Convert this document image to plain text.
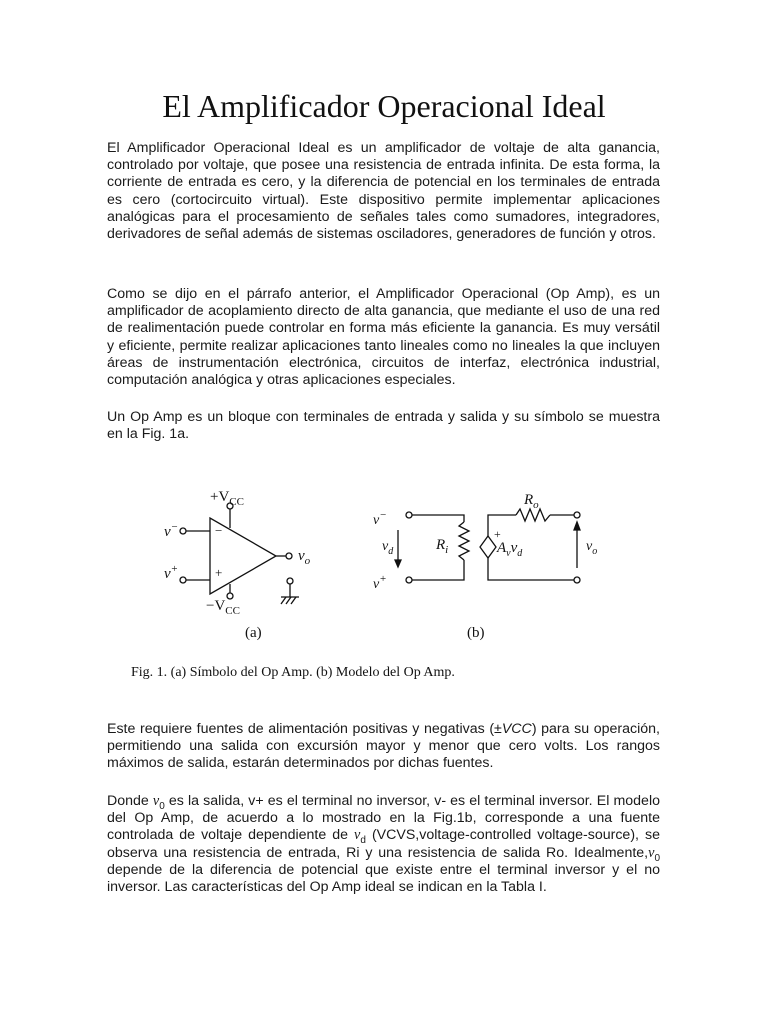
El Amplificador Operacional Ideal

El Amplificador Operacional Ideal es un amplificador de voltaje de alta ganancia, controlado por voltaje, que posee una resistencia de entrada infinita. De esta forma, la corriente de entrada es cero, y la diferencia de potencial en los terminales de entrada es cero (cortocircuito virtual). Este dispositivo permite implementar aplicaciones analógicas para el procesamiento de señales tales como sumadores, integradores, derivadores de señal además de sistemas osciladores, generadores de función y otros.

Como se dijo en el párrafo anterior, el Amplificador Operacional (Op Amp), es un amplificador de acoplamiento directo de alta ganancia, que mediante el uso de una red de realimentación puede controlar en forma más eficiente la ganancia. Es muy versátil y eficiente, permite realizar aplicaciones tanto lineales como no lineales la que incluyen áreas de instrumentación electrónica, circuitos de interfaz, electrónica industrial, computación analógica y otras aplicaciones especiales.

Un Op Amp es un bloque con terminales de entrada y salida y su símbolo se muestra en la Fig. 1a.

$+V_{CC}$
$-V_{CC}$
v−
v+
−
+
$v_o$
(a)
v−
v+
$v_d$	$R_i$
$R_o$
+
$A_vv_d$	$v_o$
(b)
Fig. 1. (a) Símbolo del Op Amp. (b) Modelo del Op Amp.

Este requiere fuentes de alimentación positivas y negativas (±VCC) para su operación, permitiendo una salida con excursión mayor y menor que cero volts. Los rangos máximos de salida, estarán determinados por dichas fuentes.

Donde $v_0$ es la salida, v+ es el terminal no inversor, v- es el terminal inversor. El modelo del Op Amp, de acuerdo a lo mostrado en la Fig.1b, corresponde a una fuente controlada de voltaje dependiente de $v_d$ (VCVS,voltage-controlled voltage-source), se observa una resistencia de entrada, Ri y una resistencia de salida Ro. $Idealmente,v_0$ depende de la diferencia de potencial que existe entre el terminal inversor y el no inversor. Las características del Op Amp ideal se indican en la Tabla I.
